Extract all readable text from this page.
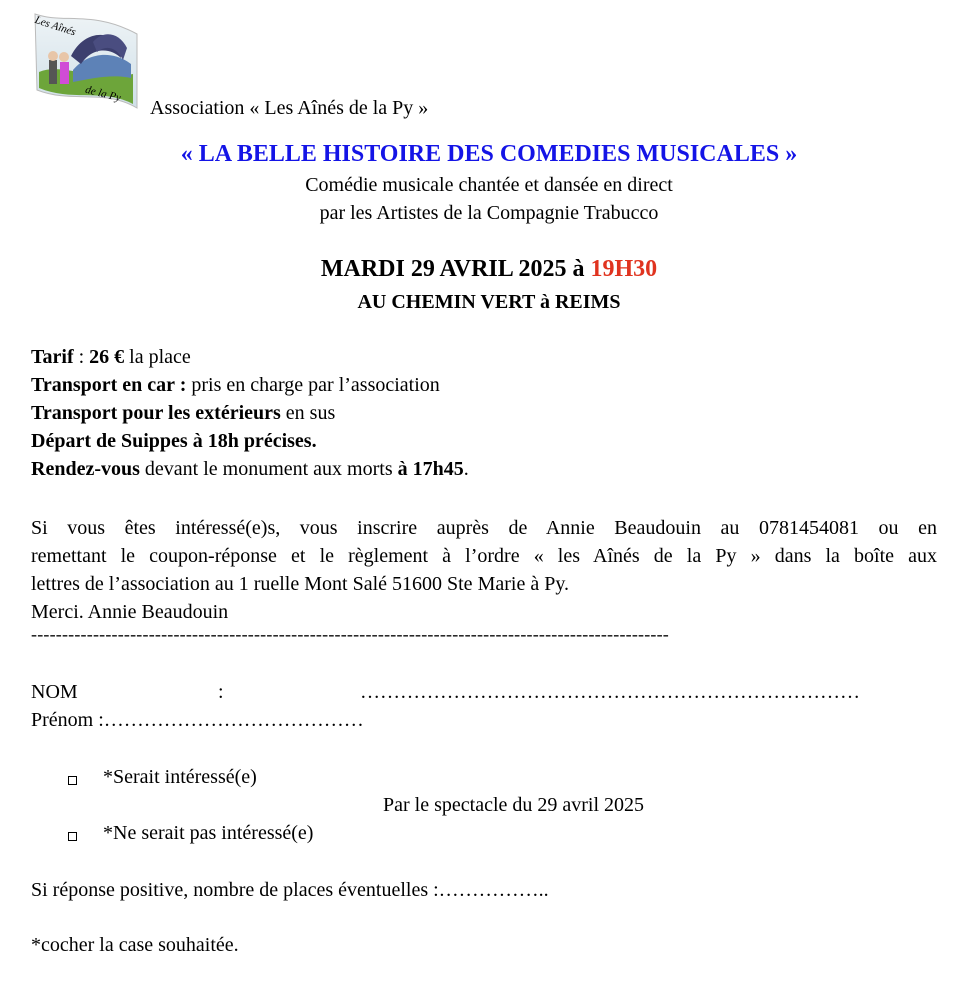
Les Aînés
de la Py
Association « Les Aînés de la Py »
« LA BELLE HISTOIRE DES COMEDIES MUSICALES »
Comédie musicale chantée et dansée en direct
par les Artistes de la Compagnie Trabucco
MARDI 29 AVRIL 2025 à 19H30
AU CHEMIN VERT à REIMS
Tarif : 26 € la place
Transport en car : pris en charge par l’association
Transport pour les extérieurs en sus
Départ de Suippes à 18h précises.
Rendez-vous devant le monument aux morts à 17h45.
Si vous êtes intéressé(e)s, vous inscrire auprès de Annie Beaudouin au 0781454081 ou en
remettant le coupon-réponse et le règlement à l’ordre « les Aînés de la Py » dans la boîte aux
lettres de l’association au 1 ruelle Mont Salé 51600 Ste Marie à Py.
Merci. Annie Beaudouin
-------------------------------------------------------------------------------------------------------
NOM	:	…………………………………………………………………
Prénom :…………………………………
*Serait intéressé(e)
Par le spectacle du 29 avril 2025
*Ne serait pas intéressé(e)
Si réponse positive, nombre de places éventuelles :……………..
*cocher la case souhaitée.
